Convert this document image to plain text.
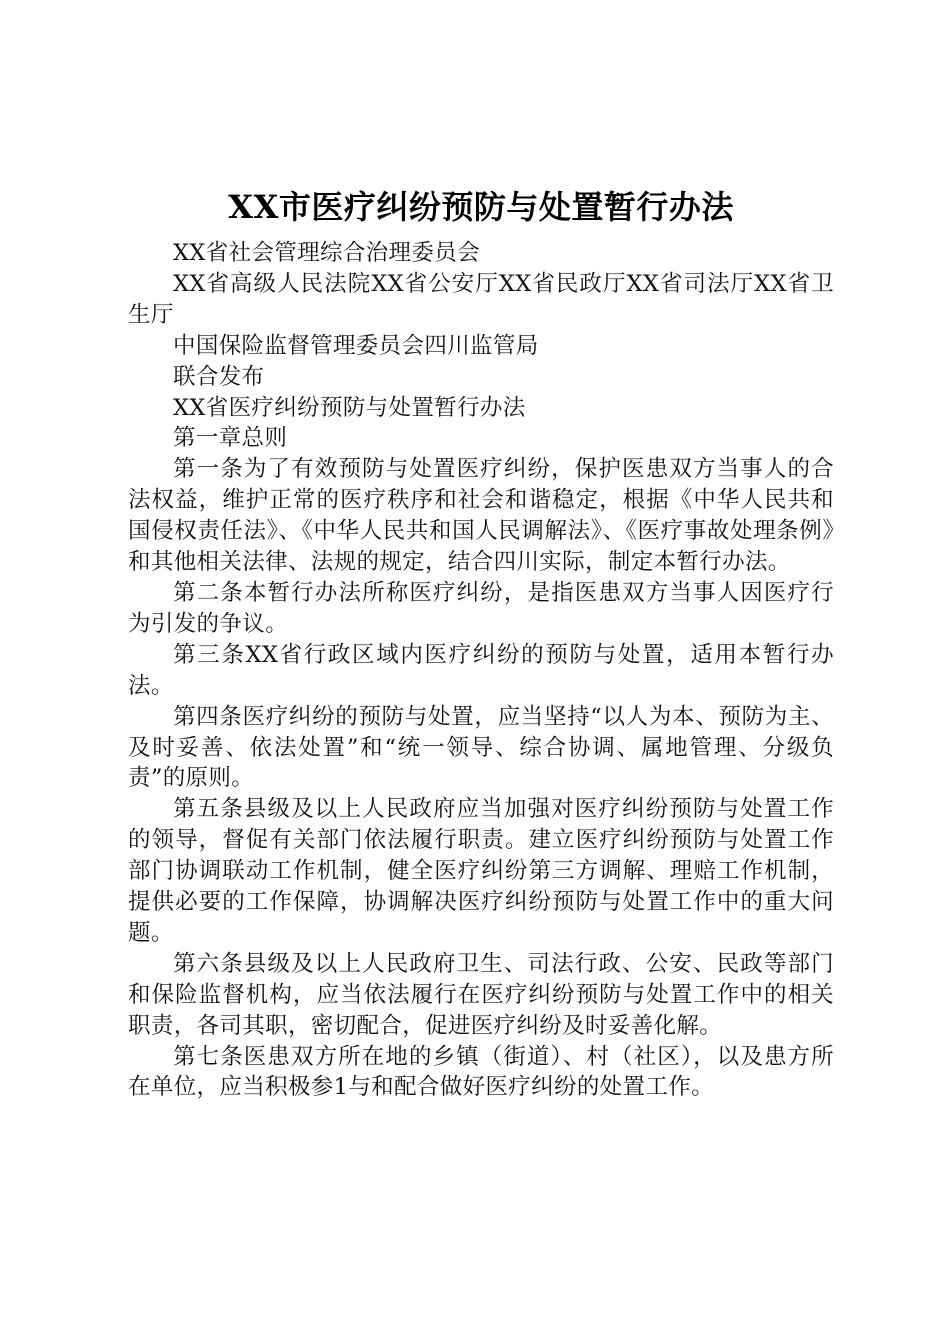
XX市医疗纠纷预防与处置暂行办法

XX省社会管理综合治理委员会

XX省高级人民法院XX省公安厅XX省民政厅XX省司法厅XX省卫生厅

中国保险监督管理委员会四川监管局

联合发布

XX省医疗纠纷预防与处置暂行办法

第一章总则

第一条为了有效预防与处置医疗纠纷，保护医患双方当事人的合法权益，维护正常的医疗秩序和社会和谐稳定，根据《中华人民共和国侵权责任法》、《中华人民共和国人民调解法》、《医疗事故处理条例》和其他相关法律、法规的规定，结合四川实际，制定本暂行办法。

第二条本暂行办法所称医疗纠纷，是指医患双方当事人因医疗行为引发的争议。

第三条XX省行政区域内医疗纠纷的预防与处置，适用本暂行办法。

第四条医疗纠纷的预防与处置，应当坚持“以人为本、预防为主、及时妥善、依法处置”和“统一领导、综合协调、属地管理、分级负责”的原则。

第五条县级及以上人民政府应当加强对医疗纠纷预防与处置工作的领导，督促有关部门依法履行职责。建立医疗纠纷预防与处置工作部门协调联动工作机制，健全医疗纠纷第三方调解、理赔工作机制，提供必要的工作保障，协调解决医疗纠纷预防与处置工作中的重大问题。

第六条县级及以上人民政府卫生、司法行政、公安、民政等部门和保险监督机构，应当依法履行在医疗纠纷预防与处置工作中的相关职责，各司其职，密切配合，促进医疗纠纷及时妥善化解。

第七条医患双方所在地的乡镇（街道）、村（社区），以及患方所在单位，应当积极参1与和配合做好医疗纠纷的处置工作。
